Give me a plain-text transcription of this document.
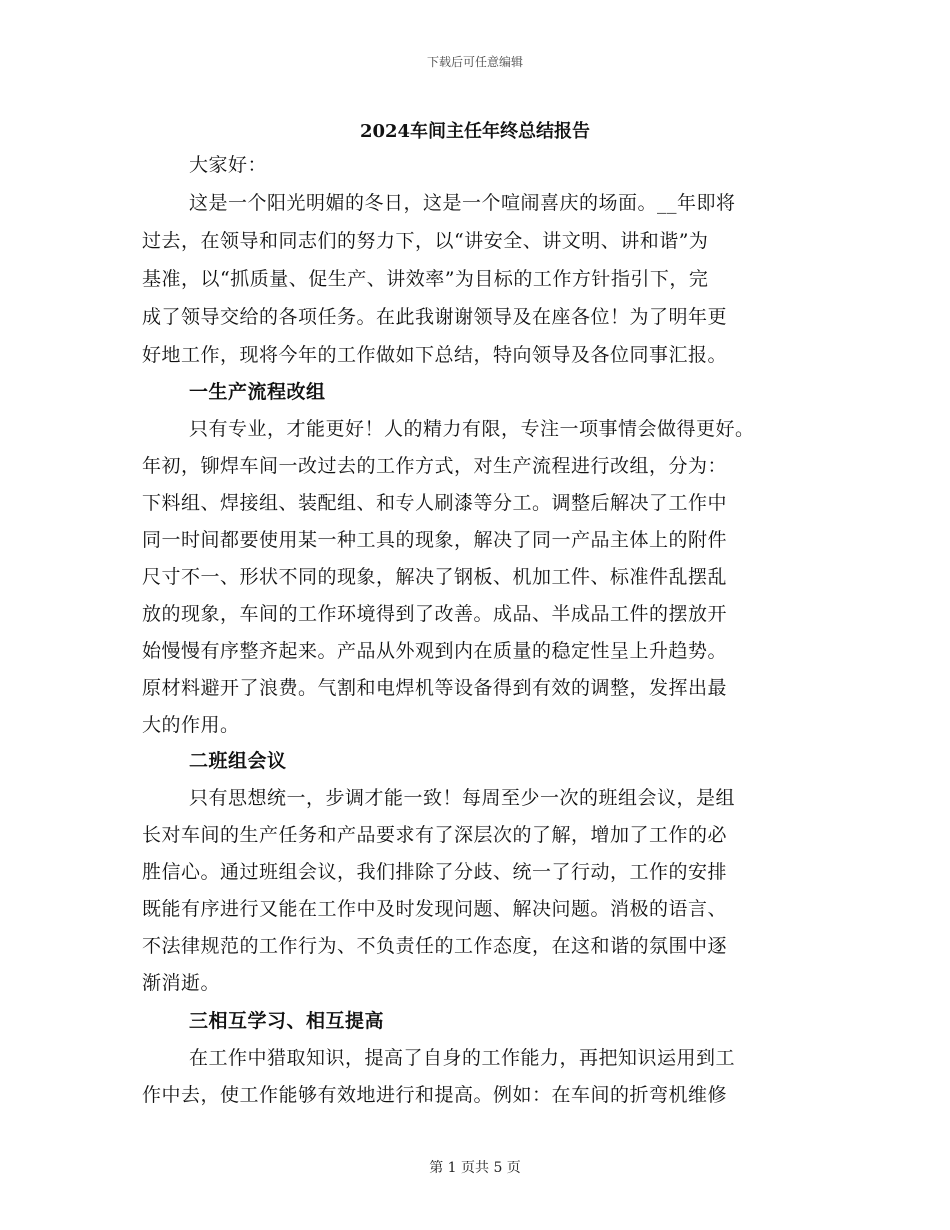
下载后可任意编辑
2024车间主任年终总结报告
大家好：
这是一个阳光明媚的冬日，这是一个喧闹喜庆的场面。__年即将
过去，在领导和同志们的努力下，以“讲安全、讲文明、讲和谐”为
基准，以“抓质量、促生产、讲效率”为目标的工作方针指引下，完
成了领导交给的各项任务。在此我谢谢领导及在座各位！为了明年更
好地工作，现将今年的工作做如下总结，特向领导及各位同事汇报。
一生产流程改组
只有专业，才能更好！人的精力有限，专注一项事情会做得更好。
年初，铆焊车间一改过去的工作方式，对生产流程进行改组，分为：
下料组、焊接组、装配组、和专人刷漆等分工。调整后解决了工作中
同一时间都要使用某一种工具的现象，解决了同一产品主体上的附件
尺寸不一、形状不同的现象，解决了钢板、机加工件、标准件乱摆乱
放的现象，车间的工作环境得到了改善。成品、半成品工件的摆放开
始慢慢有序整齐起来。产品从外观到内在质量的稳定性呈上升趋势。
原材料避开了浪费。气割和电焊机等设备得到有效的调整，发挥出最
大的作用。
二班组会议
只有思想统一，步调才能一致！每周至少一次的班组会议，是组
长对车间的生产任务和产品要求有了深层次的了解，增加了工作的必
胜信心。通过班组会议，我们排除了分歧、统一了行动，工作的安排
既能有序进行又能在工作中及时发现问题、解决问题。消极的语言、
不法律规范的工作行为、不负责任的工作态度，在这和谐的氛围中逐
渐消逝。
三相互学习、相互提高
在工作中猎取知识，提高了自身的工作能力，再把知识运用到工
作中去，使工作能够有效地进行和提高。例如：在车间的折弯机维修
第 1 页共 5 页
